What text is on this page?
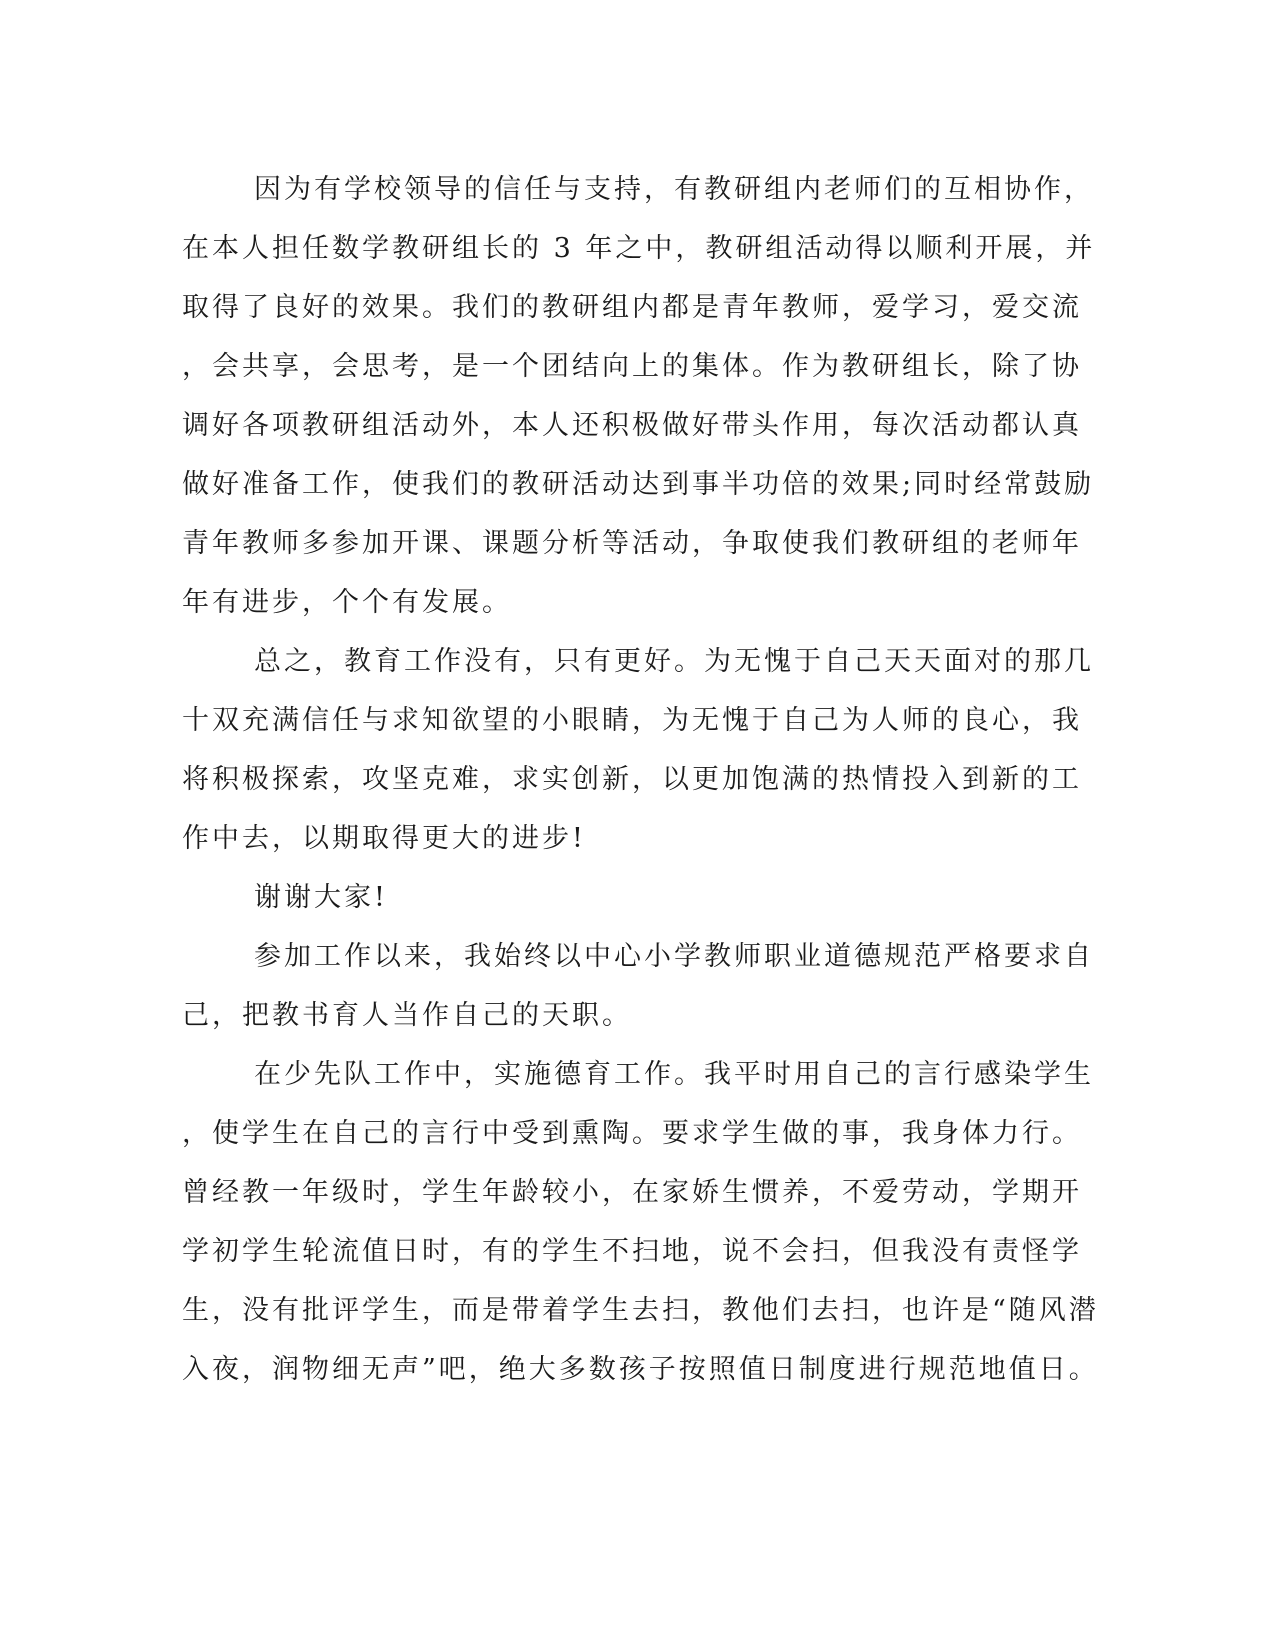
因为有学校领导的信任与支持，有教研组内老师们的互相协作，
在本人担任数学教研组长的 3 年之中，教研组活动得以顺利开展，并
取得了良好的效果。我们的教研组内都是青年教师，爱学习，爱交流
，会共享，会思考，是一个团结向上的集体。作为教研组长，除了协
调好各项教研组活动外，本人还积极做好带头作用，每次活动都认真
做好准备工作，使我们的教研活动达到事半功倍的效果;同时经常鼓励
青年教师多参加开课、课题分析等活动，争取使我们教研组的老师年
年有进步，个个有发展。
总之，教育工作没有，只有更好。为无愧于自己天天面对的那几
十双充满信任与求知欲望的小眼睛，为无愧于自己为人师的良心，我
将积极探索，攻坚克难，求实创新，以更加饱满的热情投入到新的工
作中去，以期取得更大的进步!
谢谢大家!
参加工作以来，我始终以中心小学教师职业道德规范严格要求自
己，把教书育人当作自己的天职。
在少先队工作中，实施德育工作。我平时用自己的言行感染学生
，使学生在自己的言行中受到熏陶。要求学生做的事，我身体力行。
曾经教一年级时，学生年龄较小，在家娇生惯养，不爱劳动，学期开
学初学生轮流值日时，有的学生不扫地，说不会扫，但我没有责怪学
生，没有批评学生，而是带着学生去扫，教他们去扫，也许是“随风潜
入夜，润物细无声”吧，绝大多数孩子按照值日制度进行规范地值日。
